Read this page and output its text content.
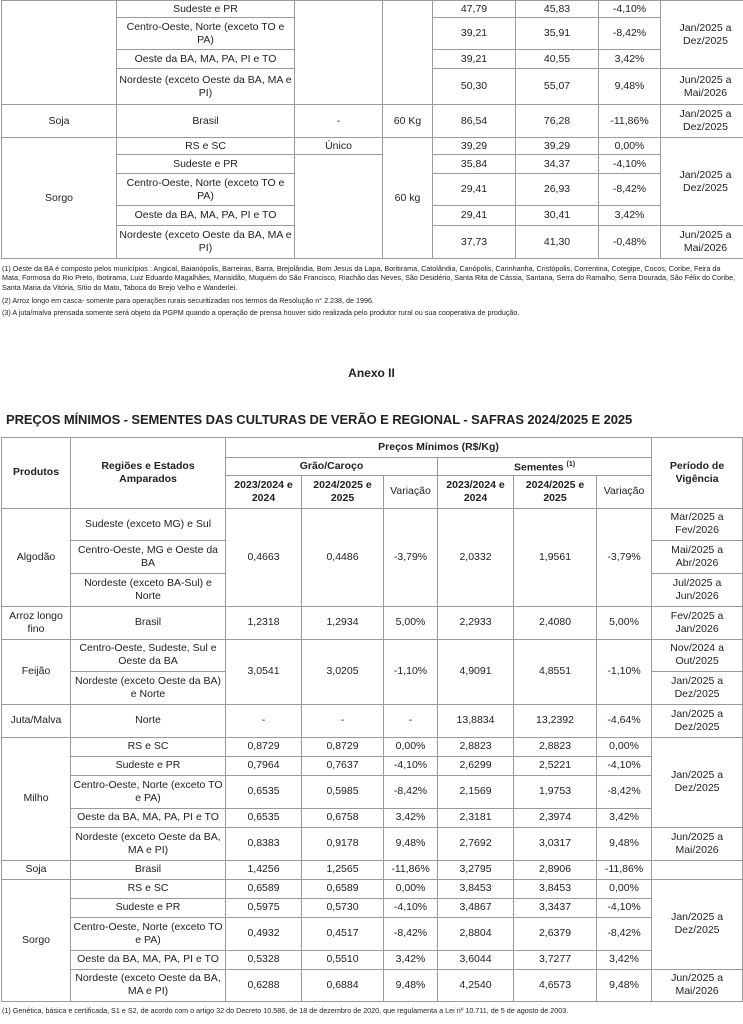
	Sudeste e PR			47,79	45,83	-4,10%	Jan/2025 a Dez/2025
	Centro-Oeste, Norte (exceto TO e PA)			39,21	35,91	-8,42%	
	Oeste da BA, MA, PA, PI e TO			39,21	40,55	3,42%	
	Nordeste (exceto Oeste da BA, MA e PI)			50,30	55,07	9,48%	Jun/2025 a Mai/2026
Soja	Brasil	-	60 Kg	86,54	76,28	-11,86%	Jan/2025 a Dez/2025
Sorgo	RS e SC	Único	60 kg	39,29	39,29	0,00%	Jan/2025 a Dez/2025
	Sudeste e PR			35,84	34,37	-4,10%	
	Centro-Oeste, Norte (exceto TO e PA)			29,41	26,93	-8,42%	
	Oeste da BA, MA, PA, PI e TO			29,41	30,41	3,42%	
	Nordeste (exceto Oeste da BA, MA e PI)			37,73	41,30	-0,48%	Jun/2025 a Mai/2026
(1) Oeste da BA é composto pelos municípios : Angical, Baianópolis, Barreiras, Barra, Brejolândia, Bom Jesus da Lapa, Boritirama, Catolândia, Canópolis, Carinhanha, Cristópolis, Correntina, Cotegipe, Cocos, Coribe, Feira da Mata, Formosa do Rio Preto, Ibotirama, Luiz Eduardo Magalhães, Mansidão, Muquém do São Francisco, Riachão das Neves, São Desidério, Santa Rita de Cássia, Santana, Serra do Ramalho, Serra Dourada, São Félix do Coribe, Santa Maria da Vitória, Sítio do Mato, Taboca do Brejo Velho e Wanderlei.
(2) Arroz longo em casca- somente para operações rurais securitizadas nos termos da Resolução n° 2.238, de 1996.
(3) A juta/malva prensada somente será objeto da PGPM quando a operação de prensa houver sido realizada pelo produtor rural ou sua cooperativa de produção.
Anexo II
PREÇOS MÍNIMOS - SEMENTES DAS CULTURAS DE VERÃO E REGIONAL - SAFRAS 2024/2025 E 2025
Produtos	Regiões e Estados Amparados	Preços Mínimos (R$/Kg)						Período de Vigência
		Grão/Caroço			Sementes $^{(1)}$
		2023/2024 e 2024	2024/2025 e 2025	Variação	2023/2024 e 2024	2024/2025 e 2025	Variação	
Algodão	Sudeste (exceto MG) e Sul	0,4663	0,4486	-3,79%	2,0332	1,9561	-3,79%	Mar/2025 a Fev/2026
	Centro-Oeste, MG e Oeste da BA							Mai/2025 a Abr/2026
	Nordeste (exceto BA-Sul) e Norte							Jul/2025 a Jun/2026
Arroz longo fino	Brasil	1,2318	1,2934	5,00%	2,2933	2,4080	5,00%	Fev/2025 a Jan/2026
Feijão	Centro-Oeste, Sudeste, Sul e Oeste da BA	3,0541	3,0205	-1,10%	4,9091	4,8551	-1,10%	Nov/2024 a Out/2025
	Nordeste (exceto Oeste da BA) e Norte							Jan/2025 a Dez/2025
Juta/Malva	Norte	-	-	-	13,8834	13,2392	-4,64%	Jan/2025 a Dez/2025
Milho	RS e SC	0,8729	0,8729	0,00%	2,8823	2,8823	0,00%	Jan/2025 a Dez/2025
	Sudeste e PR	0,7964	0,7637	-4,10%	2,6299	2,5221	-4,10%	
	Centro-Oeste, Norte (exceto TO e PA)	0,6535	0,5985	-8,42%	2,1569	1,9753	-8,42%	
	Oeste da BA, MA, PA, PI e TO	0,6535	0,6758	3,42%	2,3181	2,3974	3,42%	
	Nordeste (exceto Oeste da BA, MA e PI)	0,8383	0,9178	9,48%	2,7692	3,0317	9,48%	Jun/2025 a Mai/2026
Soja	Brasil	1,4256	1,2565	-11,86%	3,2795	2,8906	-11,86%	
Sorgo	RS e SC	0,6589	0,6589	0,00%	3,8453	3,8453	0,00%	Jan/2025 a Dez/2025
	Sudeste e PR	0,5975	0,5730	-4,10%	3,4867	3,3437	-4,10%	
	Centro-Oeste, Norte (exceto TO e PA)	0,4932	0,4517	-8,42%	2,8804	2,6379	-8,42%	
	Oeste da BA, MA, PA, PI e TO	0,5328	0,5510	3,42%	3,6044	3,7277	3,42%	
	Nordeste (exceto Oeste da BA, MA e PI)	0,6288	0,6884	9,48%	4,2540	4,6573	9,48%	Jun/2025 a Mai/2026
(1) Genética, básica e certificada, S1 e S2, de acordo com o artigo 32 do Decreto 10.586, de 18 de dezembro de 2020, que regulamenta a Lei nº 10.711, de 5 de agosto de 2003.
